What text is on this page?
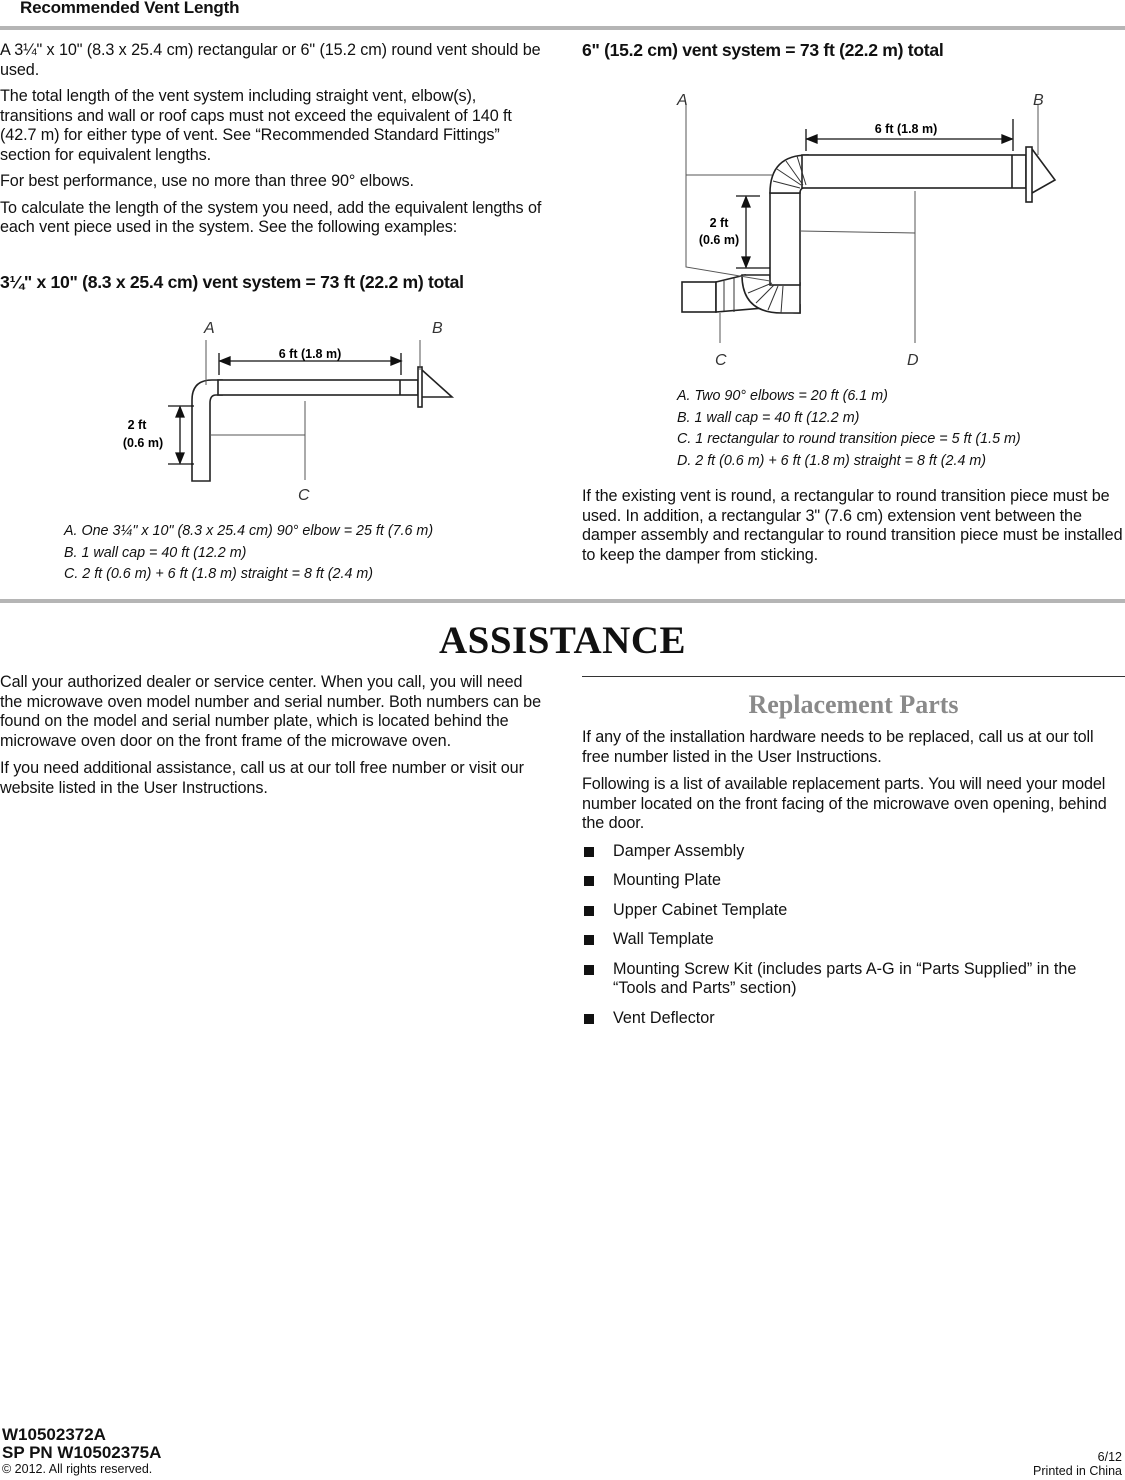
Recommended Vent Length

A 3¼" x 10" (8.3 x 25.4 cm) rectangular or 6" (15.2 cm) round vent should be used.

The total length of the vent system including straight vent, elbow(s), transitions and wall or roof caps must not exceed the equivalent of 140 ft (42.7 m) for either type of vent. See “Recommended Standard Fittings” section for equivalent lengths.

For best performance, use no more than three 90° elbows.

To calculate the length of the system you need, add the equivalent lengths of each vent piece used in the system. See the following examples:

3¼" x 10" (8.3 x 25.4 cm) vent system = 73 ft (22.2 m) total
A	B
C
6 ft (1.8 m)
2 ft
(0.6 m)
A. One 3¼" x 10" (8.3 x 25.4 cm) 90° elbow = 25 ft (7.6 m)
B. 1 wall cap = 40 ft (12.2 m)
C. 2 ft (0.6 m) + 6 ft (1.8 m) straight = 8 ft (2.4 m)
6" (15.2 cm) vent system = 73 ft (22.2 m) total
A	B
C	D
6 ft (1.8 m)
2 ft
(0.6 m)
A. Two 90° elbows = 20 ft (6.1 m)
B. 1 wall cap = 40 ft (12.2 m)
C. 1 rectangular to round transition piece = 5 ft (1.5 m)
D. 2 ft (0.6 m) + 6 ft (1.8 m) straight = 8 ft (2.4 m)

If the existing vent is round, a rectangular to round transition piece must be used. In addition, a rectangular 3" (7.6 cm) extension vent between the damper assembly and rectangular to round transition piece must be installed to keep the damper from sticking.

ASSISTANCE

Call your authorized dealer or service center. When you call, you will need the microwave oven model number and serial number. Both numbers can be found on the model and serial number plate, which is located behind the microwave oven door on the front frame of the microwave oven.

If you need additional assistance, call us at our toll free number or visit our website listed in the User Instructions.

Replacement Parts

If any of the installation hardware needs to be replaced, call us at our toll free number listed in the User Instructions.

Following is a list of available replacement parts. You will need your model number located on the front facing of the microwave oven opening, behind the door.

Damper Assembly
Mounting Plate
Upper Cabinet Template
Wall Template
Mounting Screw Kit (includes parts A-G in “Parts Supplied” in the “Tools and Parts” section)
Vent Deflector
W10502372A
SP PN W10502375A
© 2012. All rights reserved.
6/12
Printed in China
